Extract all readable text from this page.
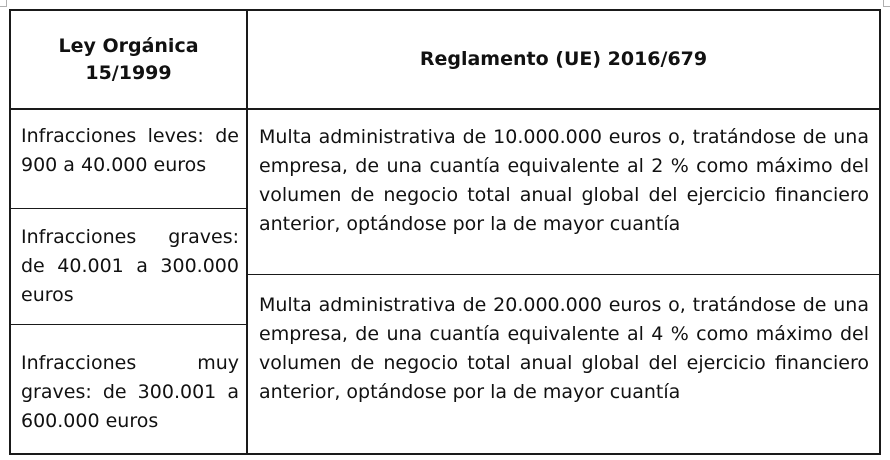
Ley Orgánica 15/1999
Reglamento (UE) 2016/679
Infracciones leves: de 900 a 40.000 euros
Infracciones graves: de 40.001 a 300.000 euros
Infracciones muy graves: de 300.001 a 600.000 euros
Multa administrativa de 10.000.000 euros o, tratándose de una empresa, de una cuantía equivalente al 2 % como máximo del volumen de negocio total anual global del ejercicio financiero anterior, optándose por la de mayor cuantía
Multa administrativa de 20.000.000 euros o, tratándose de una empresa, de una cuantía equivalente al 4 % como máximo del volumen de negocio total anual global del ejercicio financiero anterior, optándose por la de mayor cuantía
